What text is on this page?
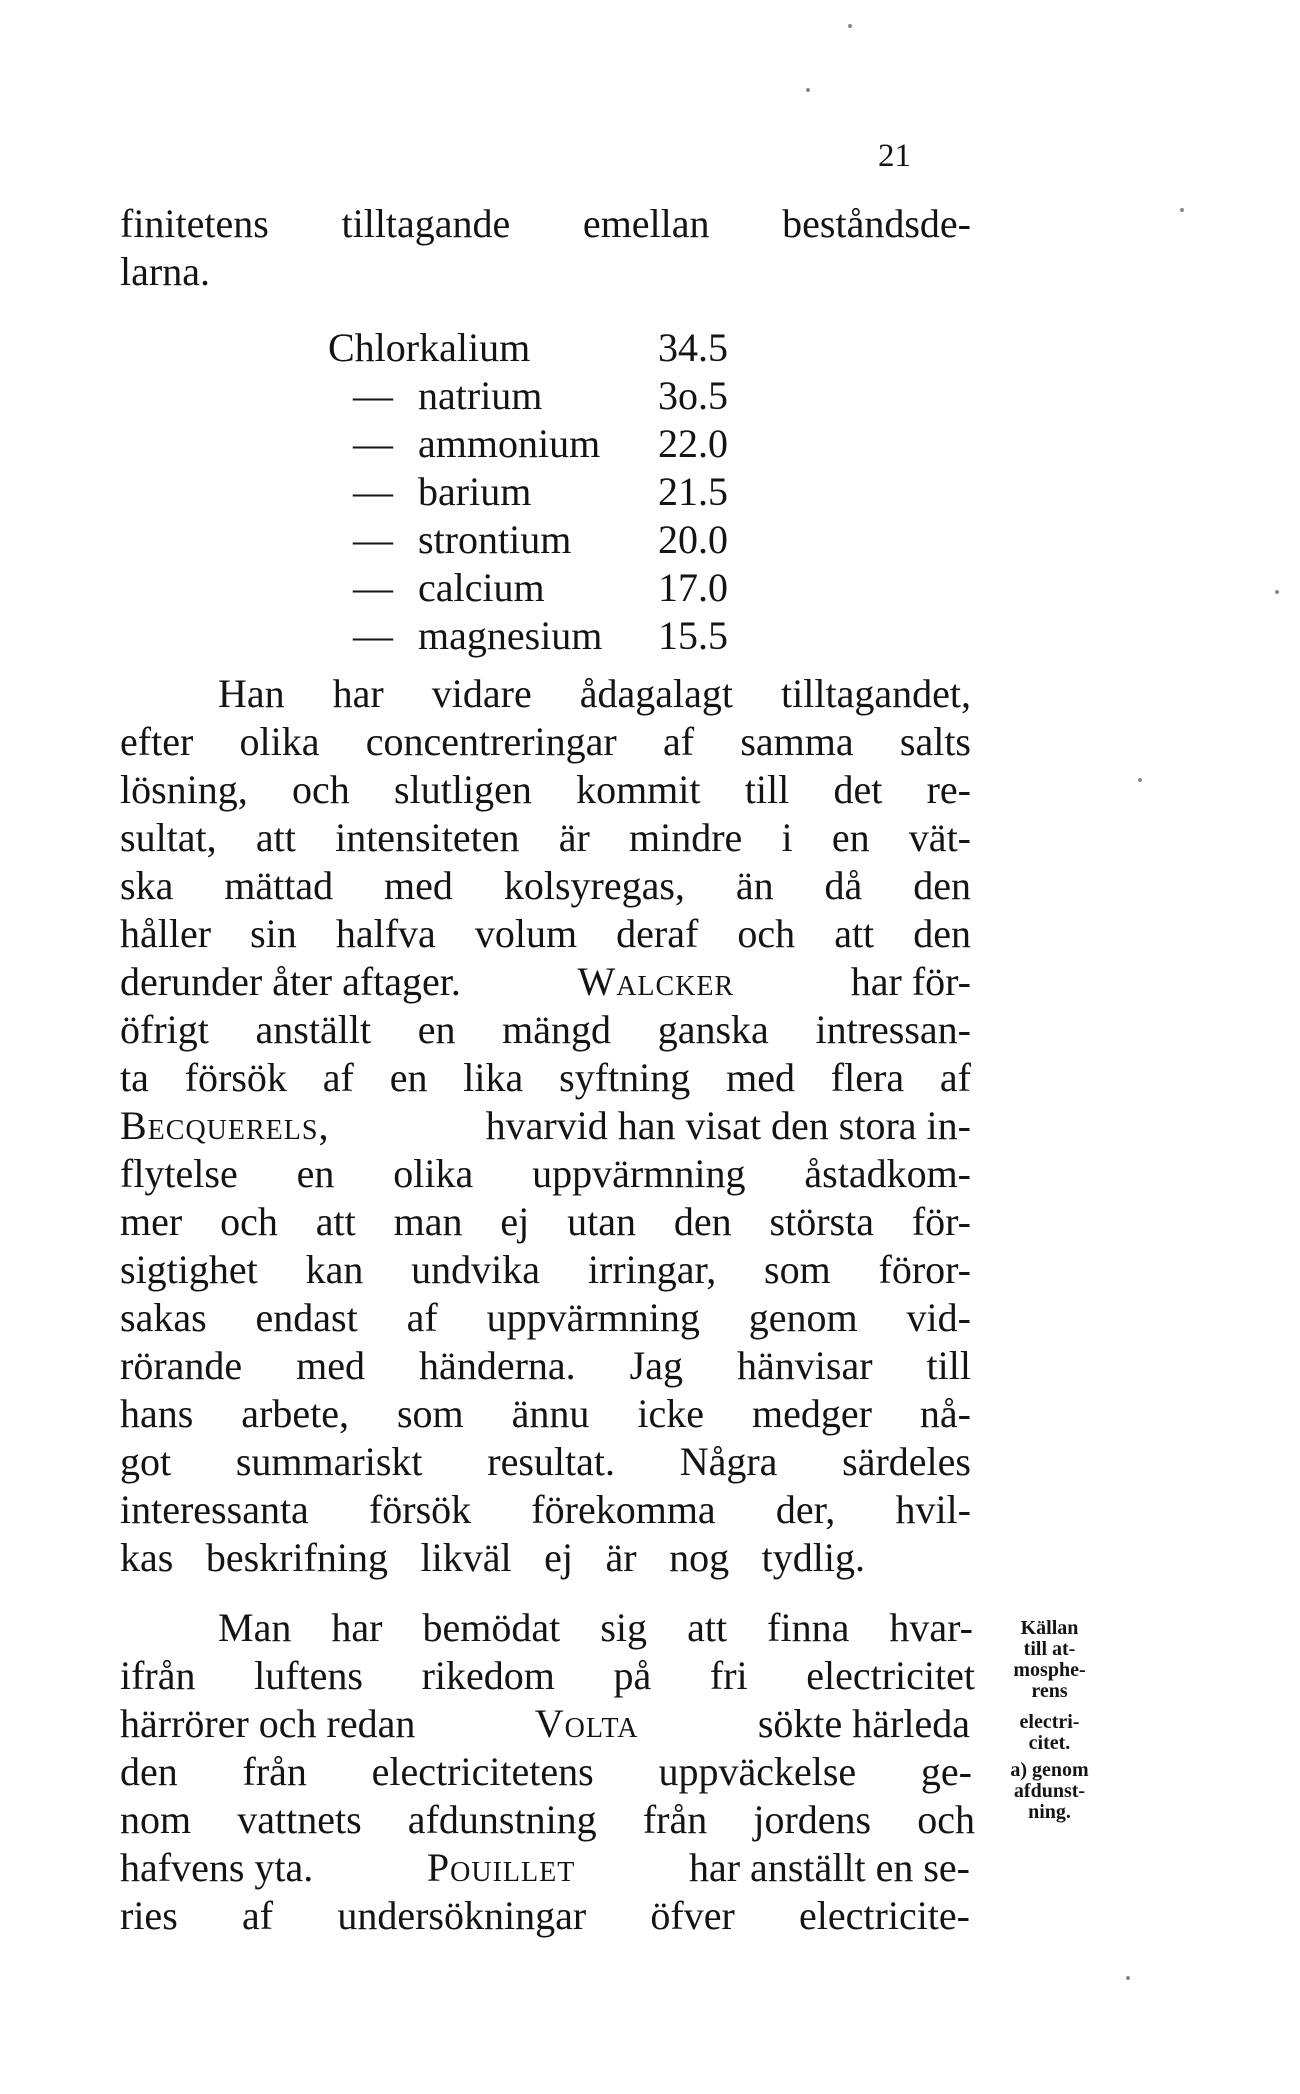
21
finitetens tilltagande emellan beståndsde-
larna.
Chlorkalium	34.5
— natrium	3o.5
— ammonium	22.0
— barium	21.5
— strontium	20.0
— calcium	17.0
— magnesium	15.5
Han har vidare ådagalagt tilltagandet,
efter olika concentreringar af samma salts
lösning, och slutligen kommit till det re-
sultat, att intensiteten är mindre i en vät-
ska mättad med kolsyregas, än då den
håller sin halfva volum deraf och att den
derunder åter aftager.	Walcker	har för-
öfrigt anställt en mängd ganska intressan-
ta försök af en lika syftning med flera af
Becquerels,	hvarvid han visat den stora in-
flytelse en olika uppvärmning åstadkom-
mer och att man ej utan den största för-
sigtighet kan undvika irringar, som föror-
sakas endast af uppvärmning genom vid-
rörande med händerna. Jag hänvisar till
hans arbete, som ännu icke medger nå-
got summariskt resultat. Några särdeles
interessanta försök förekomma der, hvil-
kas beskrifning likväl ej är nog tydlig.
Man har bemödat sig att finna hvar-
ifrån luftens rikedom på fri electricitet
härrörer och redan	Volta	sökte härleda
den från electricitetens uppväckelse ge-
nom vattnets afdunstning från jordens och
hafvens yta.	Pouillet	har anställt en se-
ries af undersökningar öfver electricite-
Källan
till at-
mosphe-
rens
electri-
citet.
a) genom
afdunst-
ning.
